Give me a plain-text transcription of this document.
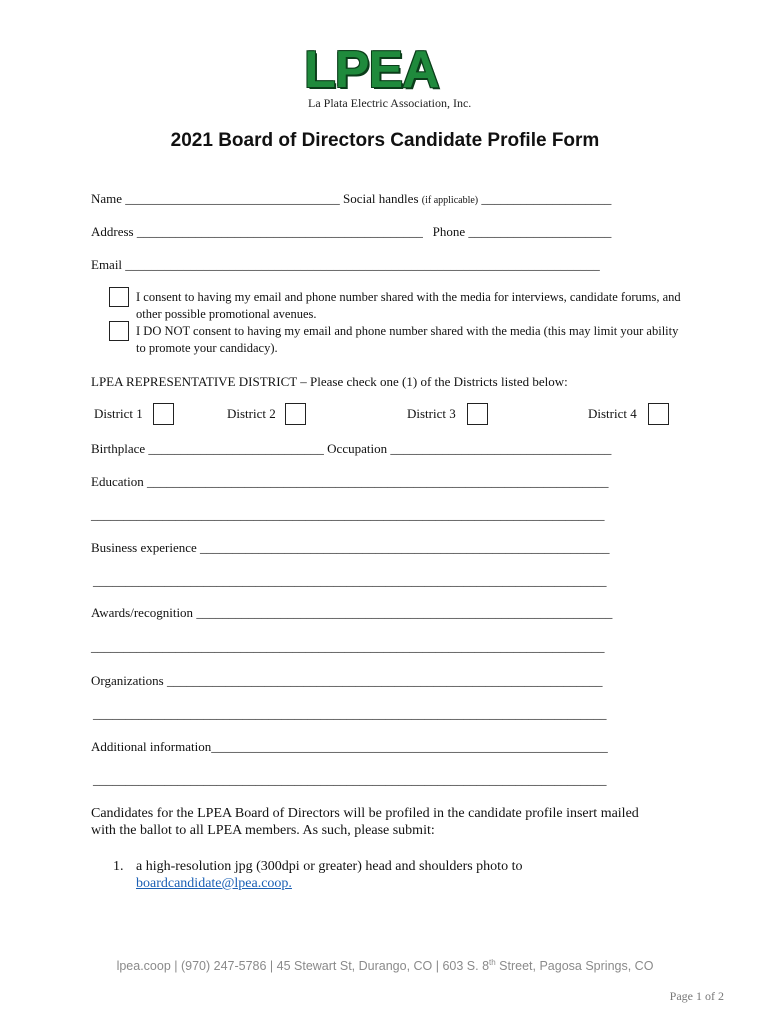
LPEA
La Plata Electric Association, Inc.
2021 Board of Directors Candidate Profile Form
Name _________________________________ Social handles (if applicable) ____________________
Address ____________________________________________ Phone ______________________
Email _________________________________________________________________________
I consent to having my email and phone number shared with the media for interviews, candidate forums, and other possible promotional avenues.
I DO NOT consent to having my email and phone number shared with the media (this may limit your ability to promote your candidacy).
LPEA REPRESENTATIVE DISTRICT – Please check one (1) of the Districts listed below:
District 1	District 2	District 3	District 4
Birthplace ___________________________ Occupation __________________________________
Education _______________________________________________________________________
_______________________________________________________________________________
Business experience _______________________________________________________________
_______________________________________________________________________________
Awards/recognition ________________________________________________________________
_______________________________________________________________________________
Organizations ___________________________________________________________________
_______________________________________________________________________________
Additional information_____________________________________________________________
_______________________________________________________________________________
Candidates for the LPEA Board of Directors will be profiled in the candidate profile insert mailed with the ballot to all LPEA members. As such, please submit:
1. a high-resolution jpg (300dpi or greater) head and shoulders photo to
boardcandidate@lpea.coop.
lpea.coop | (970) 247-5786 | 45 Stewart St, Durango, CO | 603 S. 8th Street, Pagosa Springs, CO
Page 1 of 2
